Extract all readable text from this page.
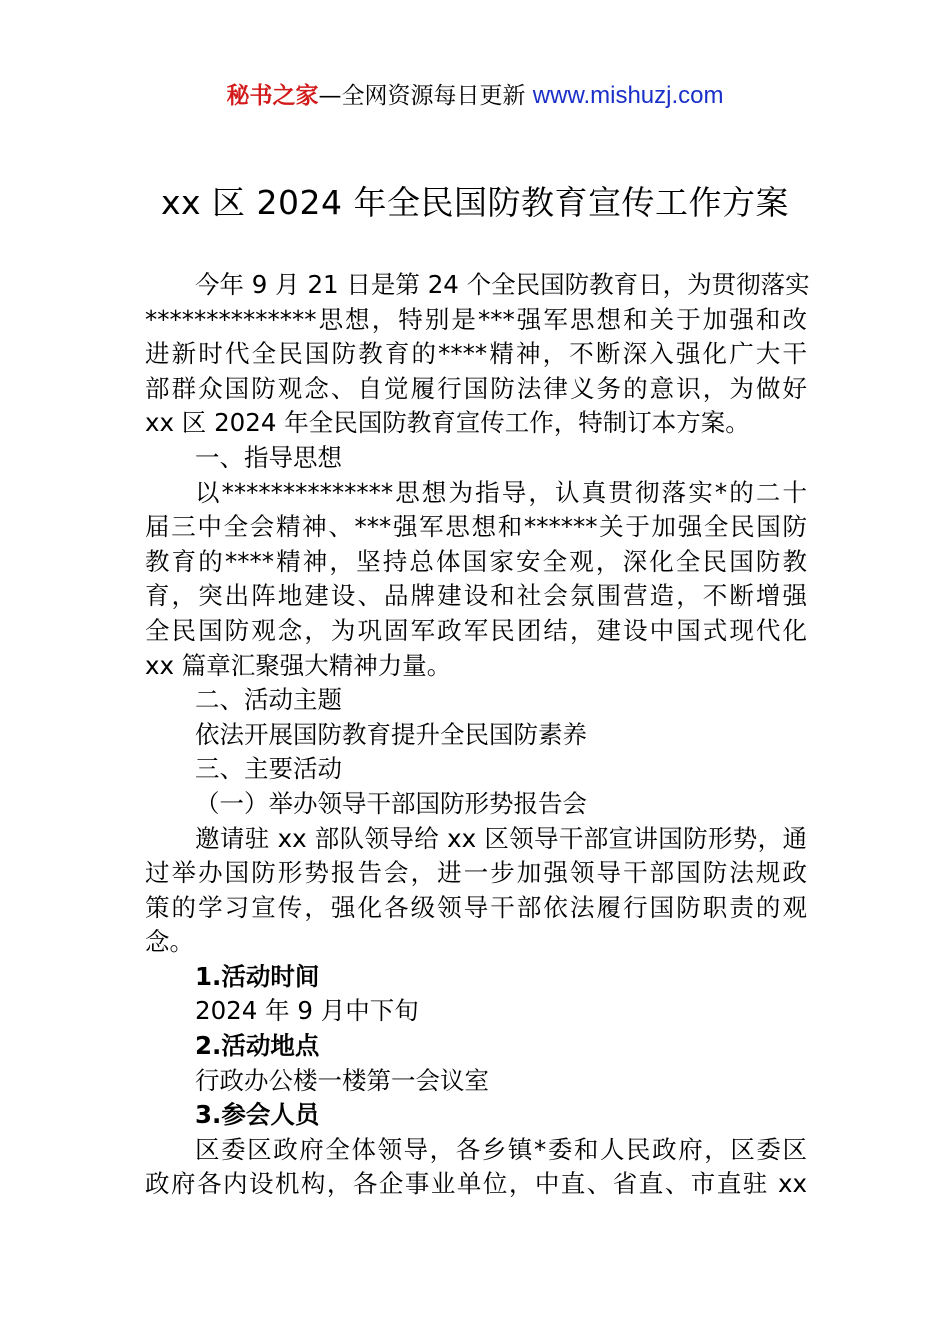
秘书之家—全网资源每日更新 www.mishuzj.com
xx 区 2024 年全民国防教育宣传工作方案
今年 9 月 21 日是第 24 个全民国防教育日，为贯彻落实
**************思想，特别是***强军思想和关于加强和改
进新时代全民国防教育的****精神，不断深入强化广大干
部群众国防观念、自觉履行国防法律义务的意识，为做好
xx 区 2024 年全民国防教育宣传工作，特制订本方案。
一、指导思想
以**************思想为指导，认真贯彻落实*的二十
届三中全会精神、***强军思想和******关于加强全民国防
教育的****精神，坚持总体国家安全观，深化全民国防教
育，突出阵地建设、品牌建设和社会氛围营造，不断增强
全民国防观念，为巩固军政军民团结，建设中国式现代化
xx 篇章汇聚强大精神力量。
二、活动主题
依法开展国防教育提升全民国防素养
三、主要活动
（一）举办领导干部国防形势报告会
邀请驻 xx 部队领导给 xx 区领导干部宣讲国防形势，通
过举办国防形势报告会，进一步加强领导干部国防法规政
策的学习宣传，强化各级领导干部依法履行国防职责的观
念。
1.活动时间
2024 年 9 月中下旬
2.活动地点
行政办公楼一楼第一会议室
3.参会人员
区委区政府全体领导，各乡镇*委和人民政府，区委区
政府各内设机构，各企事业单位，中直、省直、市直驻 xx
